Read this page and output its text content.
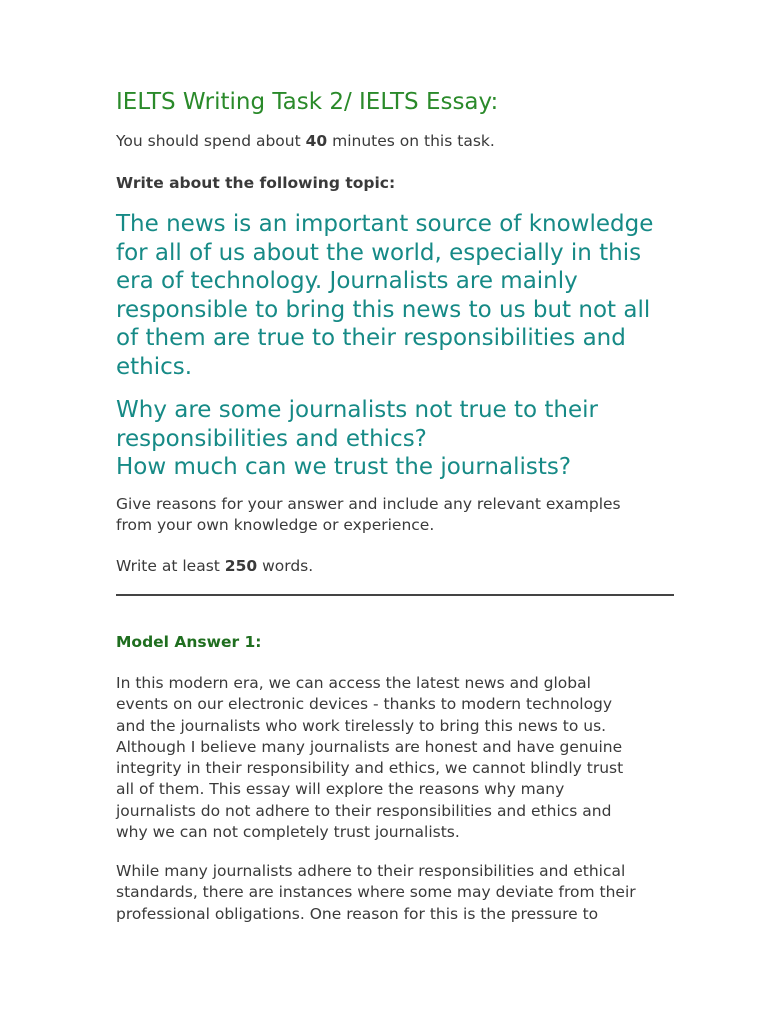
IELTS Writing Task 2/ IELTS Essay:

You should spend about 40 minutes on this task.

Write about the following topic:

The news is an important source of knowledge
for all of us about the world, especially in this
era of technology. Journalists are mainly
responsible to bring this news to us but not all
of them are true to their responsibilities and
ethics.

Why are some journalists not true to their
responsibilities and ethics?
How much can we trust the journalists?

Give reasons for your answer and include any relevant examples
from your own knowledge or experience.

Write at least 250 words.

Model Answer 1:

In this modern era, we can access the latest news and global
events on our electronic devices - thanks to modern technology
and the journalists who work tirelessly to bring this news to us.
Although I believe many journalists are honest and have genuine
integrity in their responsibility and ethics, we cannot blindly trust
all of them. This essay will explore the reasons why many
journalists do not adhere to their responsibilities and ethics and
why we can not completely trust journalists.

While many journalists adhere to their responsibilities and ethical
standards, there are instances where some may deviate from their
professional obligations. One reason for this is the pressure to
